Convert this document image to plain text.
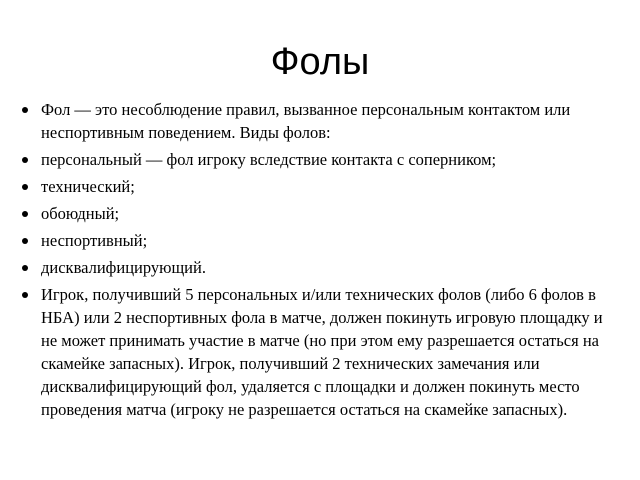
Фолы
Фол — это несоблюдение правил, вызванное персональным контактом или неспортивным поведением. Виды фолов:
персональный — фол игроку вследствие контакта с соперником;
технический;
обоюдный;
неспортивный;
дисквалифицирующий.
Игрок, получивший 5 персональных и/или технических фолов (либо 6 фолов в НБА) или 2 неспортивных фола в матче, должен покинуть игровую площадку и не может принимать участие в матче (но при этом ему разрешается остаться на скамейке запасных). Игрок, получивший 2 технических замечания или дисквалифицирующий фол, удаляется с площадки и должен покинуть место проведения матча (игроку не разрешается остаться на скамейке запасных).
